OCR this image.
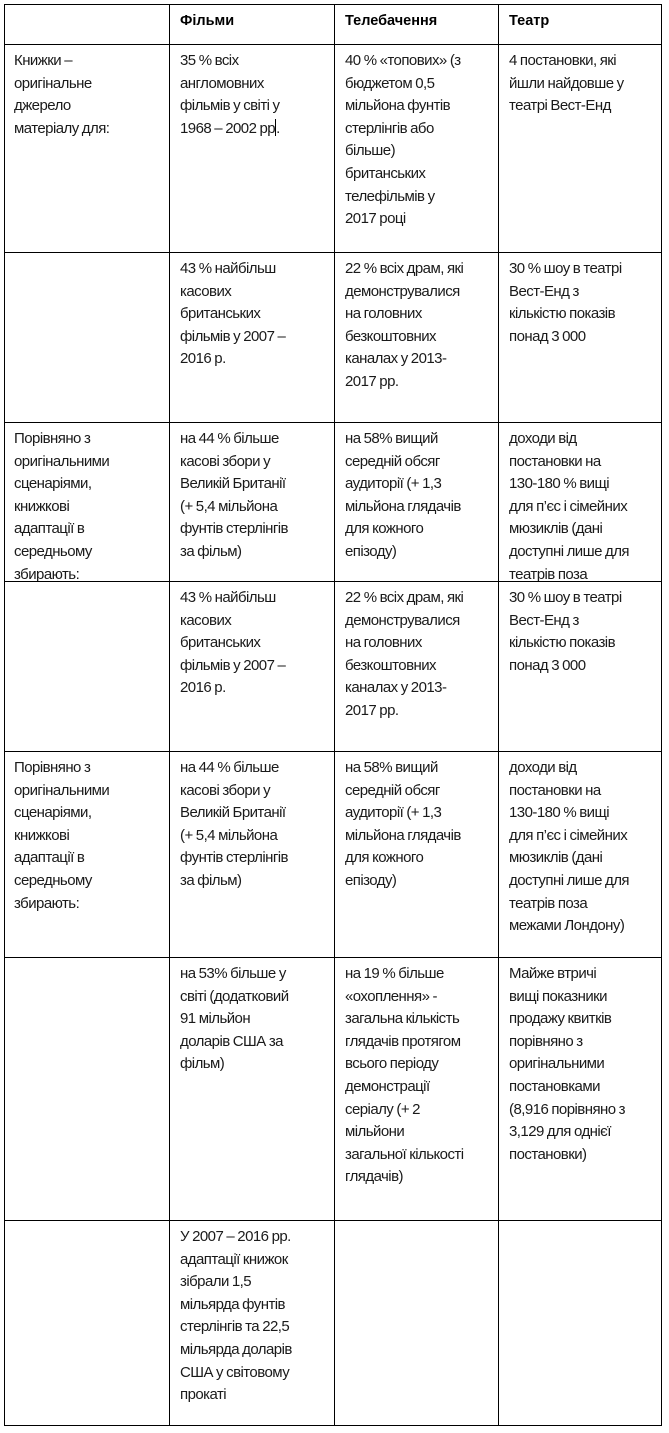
Фільми	Телебачення	Театр
Книжки –
оригінальне
джерело
матеріалу для:
35 % всіх
англомовних
фільмів у світі у
1968 – 2002 рр.
40 % «топових» (з
бюджетом 0,5
мільйона фунтів
стерлінгів або
більше)
британських
телефільмів у
2017 році
4 постановки, які
йшли найдовше у
театрі Вест-Енд
43 % найбільш
касових
британських
фільмів у 2007 –
2016 р.
22 % всіх драм, які
демонструвалися
на головних
безкоштовних
каналах у 2013-
2017 рр.
30 % шоу в театрі
Вест-Енд з
кількістю показів
понад 3 000
Порівняно з
оригінальними
сценаріями,
книжкові
адаптації в
середньому
збирають:
на 44 % більше
касові збори у
Великій Британії
(+ 5,4 мільйона
фунтів стерлінгів
за фільм)
на 58% вищий
середній обсяг
аудиторії (+ 1,3
мільйона глядачів
для кожного
епізоду)
доходи від
постановки на
130-180 % вищі
для п’єс і сімейних
мюзиклів (дані
доступні лише для
театрів поза

43 % найбільш
касових
британських
фільмів у 2007 –
2016 р.
22 % всіх драм, які
демонструвалися
на головних
безкоштовних
каналах у 2013-
2017 рр.
30 % шоу в театрі
Вест-Енд з
кількістю показів
понад 3 000
Порівняно з
оригінальними
сценаріями,
книжкові
адаптації в
середньому
збирають:
на 44 % більше
касові збори у
Великій Британії
(+ 5,4 мільйона
фунтів стерлінгів
за фільм)
на 58% вищий
середній обсяг
аудиторії (+ 1,3
мільйона глядачів
для кожного
епізоду)
доходи від
постановки на
130-180 % вищі
для п’єс і сімейних
мюзиклів (дані
доступні лише для
театрів поза
межами Лондону)
на 53% більше у
світі (додатковий
91 мільйон
доларів США за
фільм)
на 19 % більше
«охоплення» -
загальна кількість
глядачів протягом
всього періоду
демонстрації
серіалу (+ 2
мільйони
загальної кількості
глядачів)
Майже втричі
вищі показники
продажу квитків
порівняно з
оригінальними
постановками
(8,916 порівняно з
3,129 для однієї
постановки)
У 2007 – 2016 рр.
адаптації книжок
зібрали 1,5
мільярда фунтів
стерлінгів та 22,5
мільярда доларів
США у світовому
прокаті
